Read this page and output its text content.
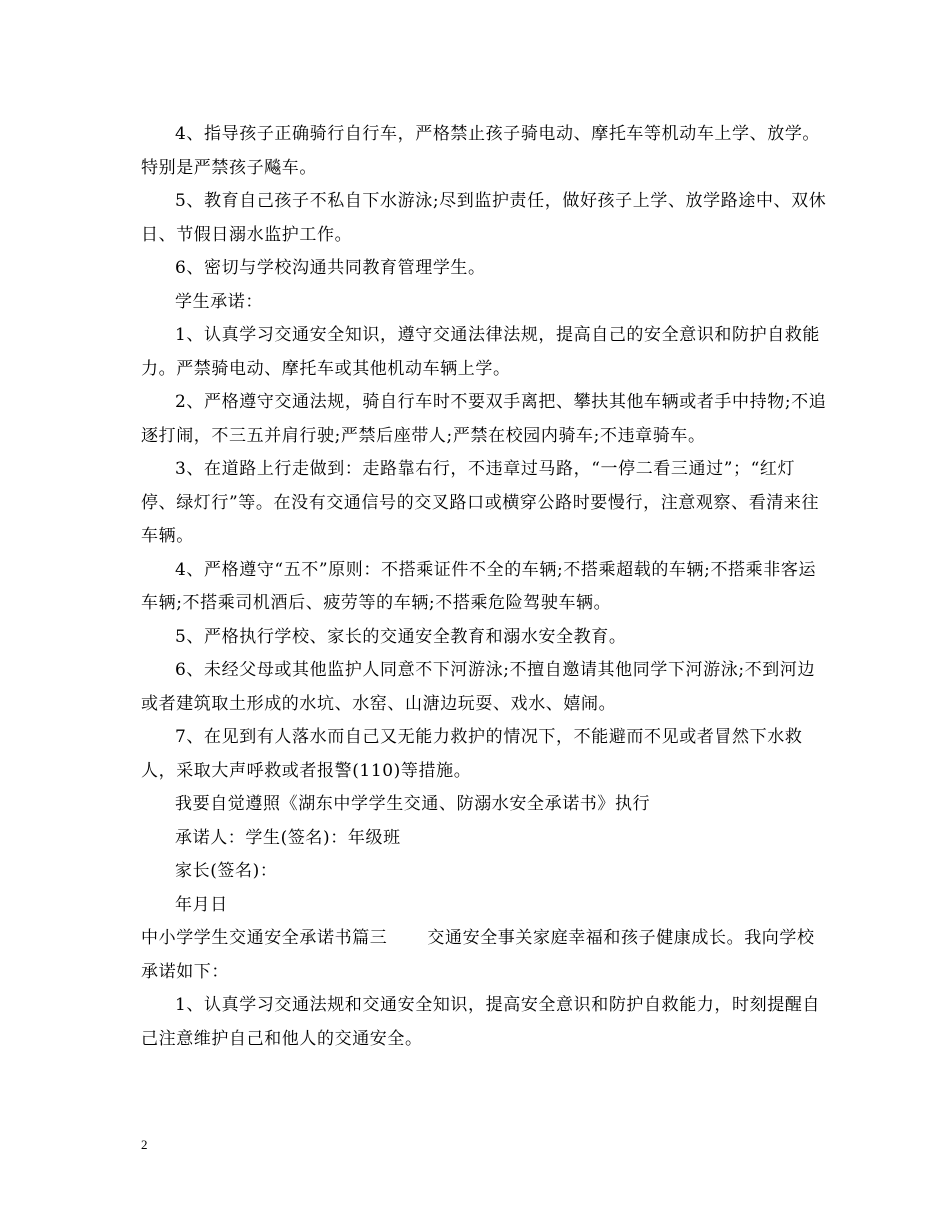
4、指导孩子正确骑行自行车，严格禁止孩子骑电动、摩托车等机动车上学、放学。特别是严禁孩子飚车。

5、教育自己孩子不私自下水游泳;尽到监护责任，做好孩子上学、放学路途中、双休日、节假日溺水监护工作。

6、密切与学校沟通共同教育管理学生。

学生承诺：

1、认真学习交通安全知识，遵守交通法律法规，提高自己的安全意识和防护自救能力。严禁骑电动、摩托车或其他机动车辆上学。

2、严格遵守交通法规，骑自行车时不要双手离把、攀扶其他车辆或者手中持物;不追逐打闹，不三五并肩行驶;严禁后座带人;严禁在校园内骑车;不违章骑车。

3、在道路上行走做到：走路靠右行，不违章过马路，“一停二看三通过”；“红灯停、绿灯行”等。在没有交通信号的交叉路口或横穿公路时要慢行，注意观察、看清来往车辆。

4、严格遵守“五不”原则：不搭乘证件不全的车辆;不搭乘超载的车辆;不搭乘非客运车辆;不搭乘司机酒后、疲劳等的车辆;不搭乘危险驾驶车辆。

5、严格执行学校、家长的交通安全教育和溺水安全教育。

6、未经父母或其他监护人同意不下河游泳;不擅自邀请其他同学下河游泳;不到河边或者建筑取土形成的水坑、水窑、山溏边玩耍、戏水、嬉闹。

7、在见到有人落水而自己又无能力救护的情况下，不能避而不见或者冒然下水救人，采取大声呼救或者报警(110)等措施。

我要自觉遵照《湖东中学学生交通、防溺水安全承诺书》执行

承诺人：学生(签名)：年级班

家长(签名)：

年月日

中小学学生交通安全承诺书篇三 交通安全事关家庭幸福和孩子健康成长。我向学校承诺如下：

1、认真学习交通法规和交通安全知识，提高安全意识和防护自救能力，时刻提醒自己注意维护自己和他人的交通安全。

2
